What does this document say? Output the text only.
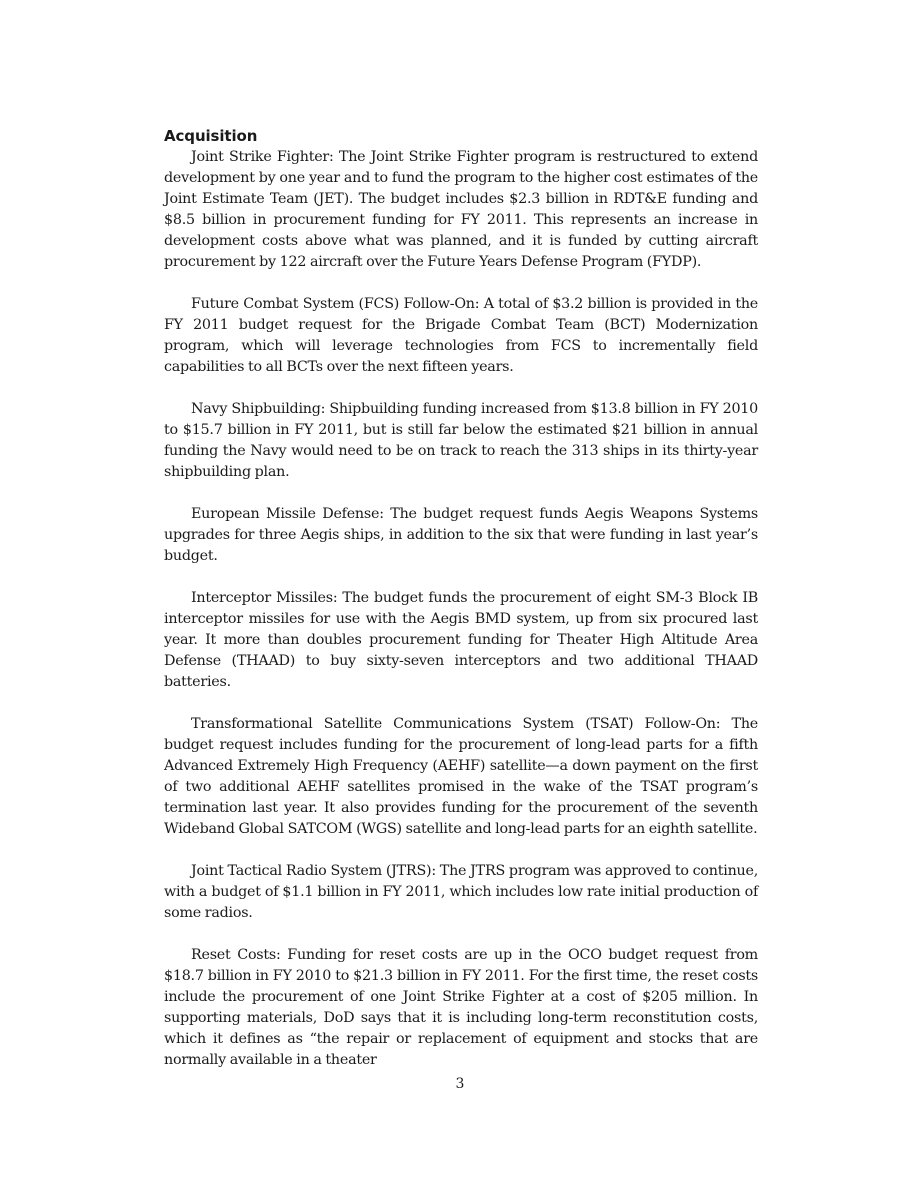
Acquisition

Joint Strike Fighter: The Joint Strike Fighter program is restructured to extend development by one year and to fund the program to the higher cost estimates of the Joint Estimate Team (JET). The budget includes $2.3 billion in RDT&E funding and $8.5 billion in procurement funding for FY 2011. This represents an increase in development costs above what was planned, and it is funded by cutting aircraft procurement by 122 aircraft over the Future Years Defense Program (FYDP).

Future Combat System (FCS) Follow-On: A total of $3.2 billion is provided in the FY 2011 budget request for the Brigade Combat Team (BCT) Modernization program, which will leverage technologies from FCS to incrementally field capabilities to all BCTs over the next fifteen years.

Navy Shipbuilding: Shipbuilding funding increased from $13.8 billion in FY 2010 to $15.7 billion in FY 2011, but is still far below the estimated $21 billion in annual funding the Navy would need to be on track to reach the 313 ships in its thirty-year shipbuilding plan.

European Missile Defense: The budget request funds Aegis Weapons Systems upgrades for three Aegis ships, in addition to the six that were funding in last year’s budget.

Interceptor Missiles: The budget funds the procurement of eight SM-3 Block IB interceptor missiles for use with the Aegis BMD system, up from six procured last year. It more than doubles procurement funding for Theater High Altitude Area Defense (THAAD) to buy sixty-seven interceptors and two additional THAAD batteries.

Transformational Satellite Communications System (TSAT) Follow-On: The budget request includes funding for the procurement of long-lead parts for a fifth Advanced Extremely High Frequency (AEHF) satellite—a down payment on the first of two additional AEHF satellites promised in the wake of the TSAT program’s termination last year. It also provides funding for the procurement of the seventh Wideband Global SATCOM (WGS) satellite and long-lead parts for an eighth satellite.

Joint Tactical Radio System (JTRS): The JTRS program was approved to continue, with a budget of $1.1 billion in FY 2011, which includes low rate initial production of some radios.

Reset Costs: Funding for reset costs are up in the OCO budget request from $18.7 billion in FY 2010 to $21.3 billion in FY 2011. For the first time, the reset costs include the procurement of one Joint Strike Fighter at a cost of $205 million. In supporting materials, DoD says that it is including long-term reconstitution costs, which it defines as “the repair or replacement of equipment and stocks that are normally available in a theater

3
